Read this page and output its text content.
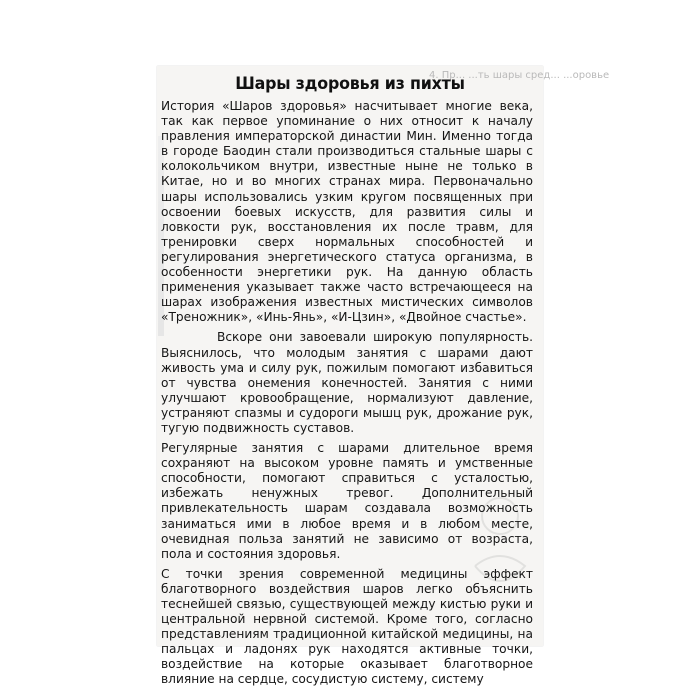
4. Пр... ...ть шары сред... ...оровье
Шары здоровья из пихты

История «Шаров здоровья» насчитывает многие века, так как первое упоминание о них относит к началу правления императорской династии Мин. Именно тогда в городе Баодин стали производиться стальные шары с колокольчиком внутри, известные ныне не только в Китае, но и во многих странах мира. Первоначально шары использовались узким кругом посвященных при освоении боевых искусств, для развития силы и ловкости рук, восстановления их после травм, для тренировки сверх нормальных способностей и регулирования энергетического статуса организма, в особенности энергетики рук. На данную область применения указывает также часто встречающееся на шарах изображения известных мистических символов «Треножник», «Инь-Янь», «И-Цзин», «Двойное счастье».

Вскоре они завоевали широкую популярность. Выяснилось, что молодым занятия с шарами дают живость ума и силу рук, пожилым помогают избавиться от чувства онемения конечностей. Занятия с ними улучшают кровообращение, нормализуют давление, устраняют спазмы и судороги мышц рук, дрожание рук, тугую подвижность суставов.

Регулярные занятия с шарами длительное время сохраняют на высоком уровне память и умственные способности, помогают справиться с усталостью, избежать ненужных тревог. Дополнительный привлекательность шарам создавала возможность заниматься ими в любое время и в любом месте, очевидная польза занятий не зависимо от возраста, пола и состояния здоровья.

С точки зрения современной медицины эффект благотворного воздействия шаров легко объяснить теснейшей связью, существующей между кистью руки и центральной нервной системой. Кроме того, согласно представлениям традиционной китайской медицины, на пальцах и ладонях рук находятся активные точки, воздействие на которые оказывает благотворное влияние на сердце, сосудистую систему, систему
